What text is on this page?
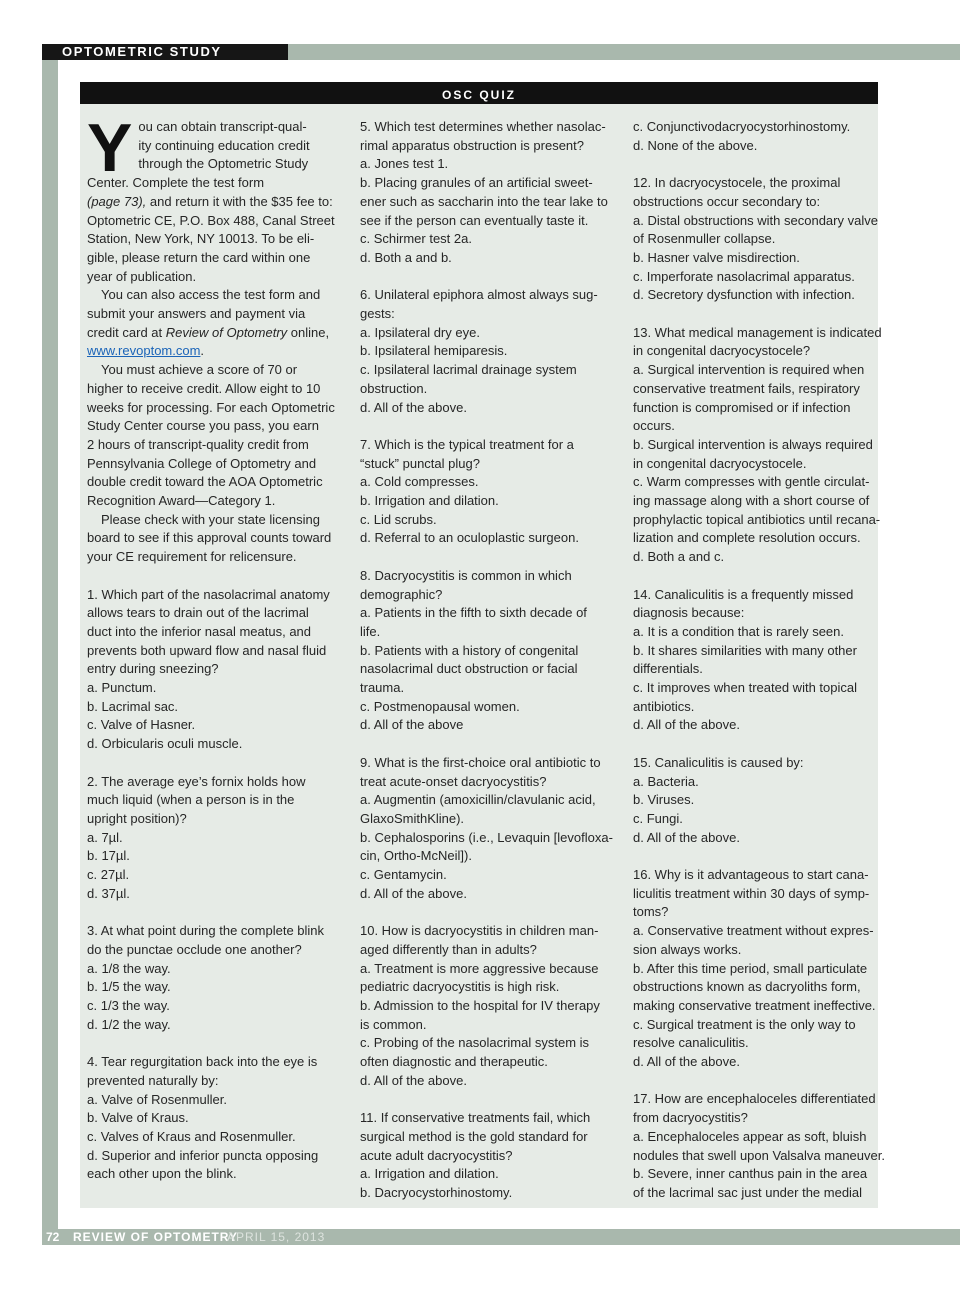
OPTOMETRIC STUDY CENTER
OSC QUIZ
Y ou can obtain transcript-qual-
ity continuing education credit
through the Optometric Study
Center. Complete the test form
(page 73), and return it with the $35 fee to:
Optometric CE, P.O. Box 488, Canal Street
Station, New York, NY 10013. To be eli-
gible, please return the card within one
year of publication.
You can also access the test form and
submit your answers and payment via
credit card at Review of Optometry online,
www.revoptom.com.
You must achieve a score of 70 or
higher to receive credit. Allow eight to 10
weeks for processing. For each Optometric
Study Center course you pass, you earn
2 hours of transcript-quality credit from
Pennsylvania College of Optometry and
double credit toward the AOA Optometric
Recognition Award—Category 1.
Please check with your state licensing
board to see if this approval counts toward
your CE requirement for relicensure.
1. Which part of the nasolacrimal anatomy
allows tears to drain out of the lacrimal
duct into the inferior nasal meatus, and
prevents both upward flow and nasal fluid
entry during sneezing?
a. Punctum.
b. Lacrimal sac.
c. Valve of Hasner.
d. Orbicularis oculi muscle.
2. The average eye’s fornix holds how
much liquid (when a person is in the
upright position)?
a. 7µl.
b. 17µl.
c. 27µl.
d. 37µl.
3. At what point during the complete blink
do the punctae occlude one another?
a. 1/8 the way.
b. 1/5 the way.
c. 1/3 the way.
d. 1/2 the way.
4. Tear regurgitation back into the eye is
prevented naturally by:
a. Valve of Rosenmuller.
b. Valve of Kraus.
c. Valves of Kraus and Rosenmuller.
d. Superior and inferior puncta opposing
each other upon the blink.
5. Which test determines whether nasolac-
rimal apparatus obstruction is present?
a. Jones test 1.
b. Placing granules of an artificial sweet-
ener such as saccharin into the tear lake to
see if the person can eventually taste it.
c. Schirmer test 2a.
d. Both a and b.
6. Unilateral epiphora almost always sug-
gests:
a. Ipsilateral dry eye.
b. Ipsilateral hemiparesis.
c. Ipsilateral lacrimal drainage system
obstruction.
d. All of the above.
7. Which is the typical treatment for a
“stuck” punctal plug?
a. Cold compresses.
b. Irrigation and dilation.
c. Lid scrubs.
d. Referral to an oculoplastic surgeon.
8. Dacryocystitis is common in which
demographic?
a. Patients in the fifth to sixth decade of
life.
b. Patients with a history of congenital
nasolacrimal duct obstruction or facial
trauma.
c. Postmenopausal women.
d. All of the above
9. What is the first-choice oral antibiotic to
treat acute-onset dacryocystitis?
a. Augmentin (amoxicillin/clavulanic acid,
GlaxoSmithKline).
b. Cephalosporins (i.e., Levaquin [levofloxa-
cin, Ortho-McNeil]).
c. Gentamycin.
d. All of the above.
10. How is dacryocystitis in children man-
aged differently than in adults?
a. Treatment is more aggressive because
pediatric dacryocystitis is high risk.
b. Admission to the hospital for IV therapy
is common.
c. Probing of the nasolacrimal system is
often diagnostic and therapeutic.
d. All of the above.
11. If conservative treatments fail, which
surgical method is the gold standard for
acute adult dacryocystitis?
a. Irrigation and dilation.
b. Dacryocystorhinostomy.
c. Conjunctivodacryocystorhinostomy.
d. None of the above.
12. In dacryocystocele, the proximal
obstructions occur secondary to:
a. Distal obstructions with secondary valve
of Rosenmuller collapse.
b. Hasner valve misdirection.
c. Imperforate nasolacrimal apparatus.
d. Secretory dysfunction with infection.
13. What medical management is indicated
in congenital dacryocystocele?
a. Surgical intervention is required when
conservative treatment fails, respiratory
function is compromised or if infection
occurs.
b. Surgical intervention is always required
in congenital dacryocystocele.
c. Warm compresses with gentle circulat-
ing massage along with a short course of
prophylactic topical antibiotics until recana-
lization and complete resolution occurs.
d. Both a and c.
14. Canaliculitis is a frequently missed
diagnosis because:
a. It is a condition that is rarely seen.
b. It shares similarities with many other
differentials.
c. It improves when treated with topical
antibiotics.
d. All of the above.
15. Canaliculitis is caused by:
a. Bacteria.
b. Viruses.
c. Fungi.
d. All of the above.
16. Why is it advantageous to start cana-
liculitis treatment within 30 days of symp-
toms?
a. Conservative treatment without expres-
sion always works.
b. After this time period, small particulate
obstructions known as dacryoliths form,
making conservative treatment ineffective.
c. Surgical treatment is the only way to
resolve canaliculitis.
d. All of the above.
17. How are encephaloceles differentiated
from dacryocystitis?
a. Encephaloceles appear as soft, bluish
nodules that swell upon Valsalva maneuver.
b. Severe, inner canthus pain in the area
of the lacrimal sac just under the medial
72 REVIEW OF OPTOMETRY
APRIL 15, 2013
